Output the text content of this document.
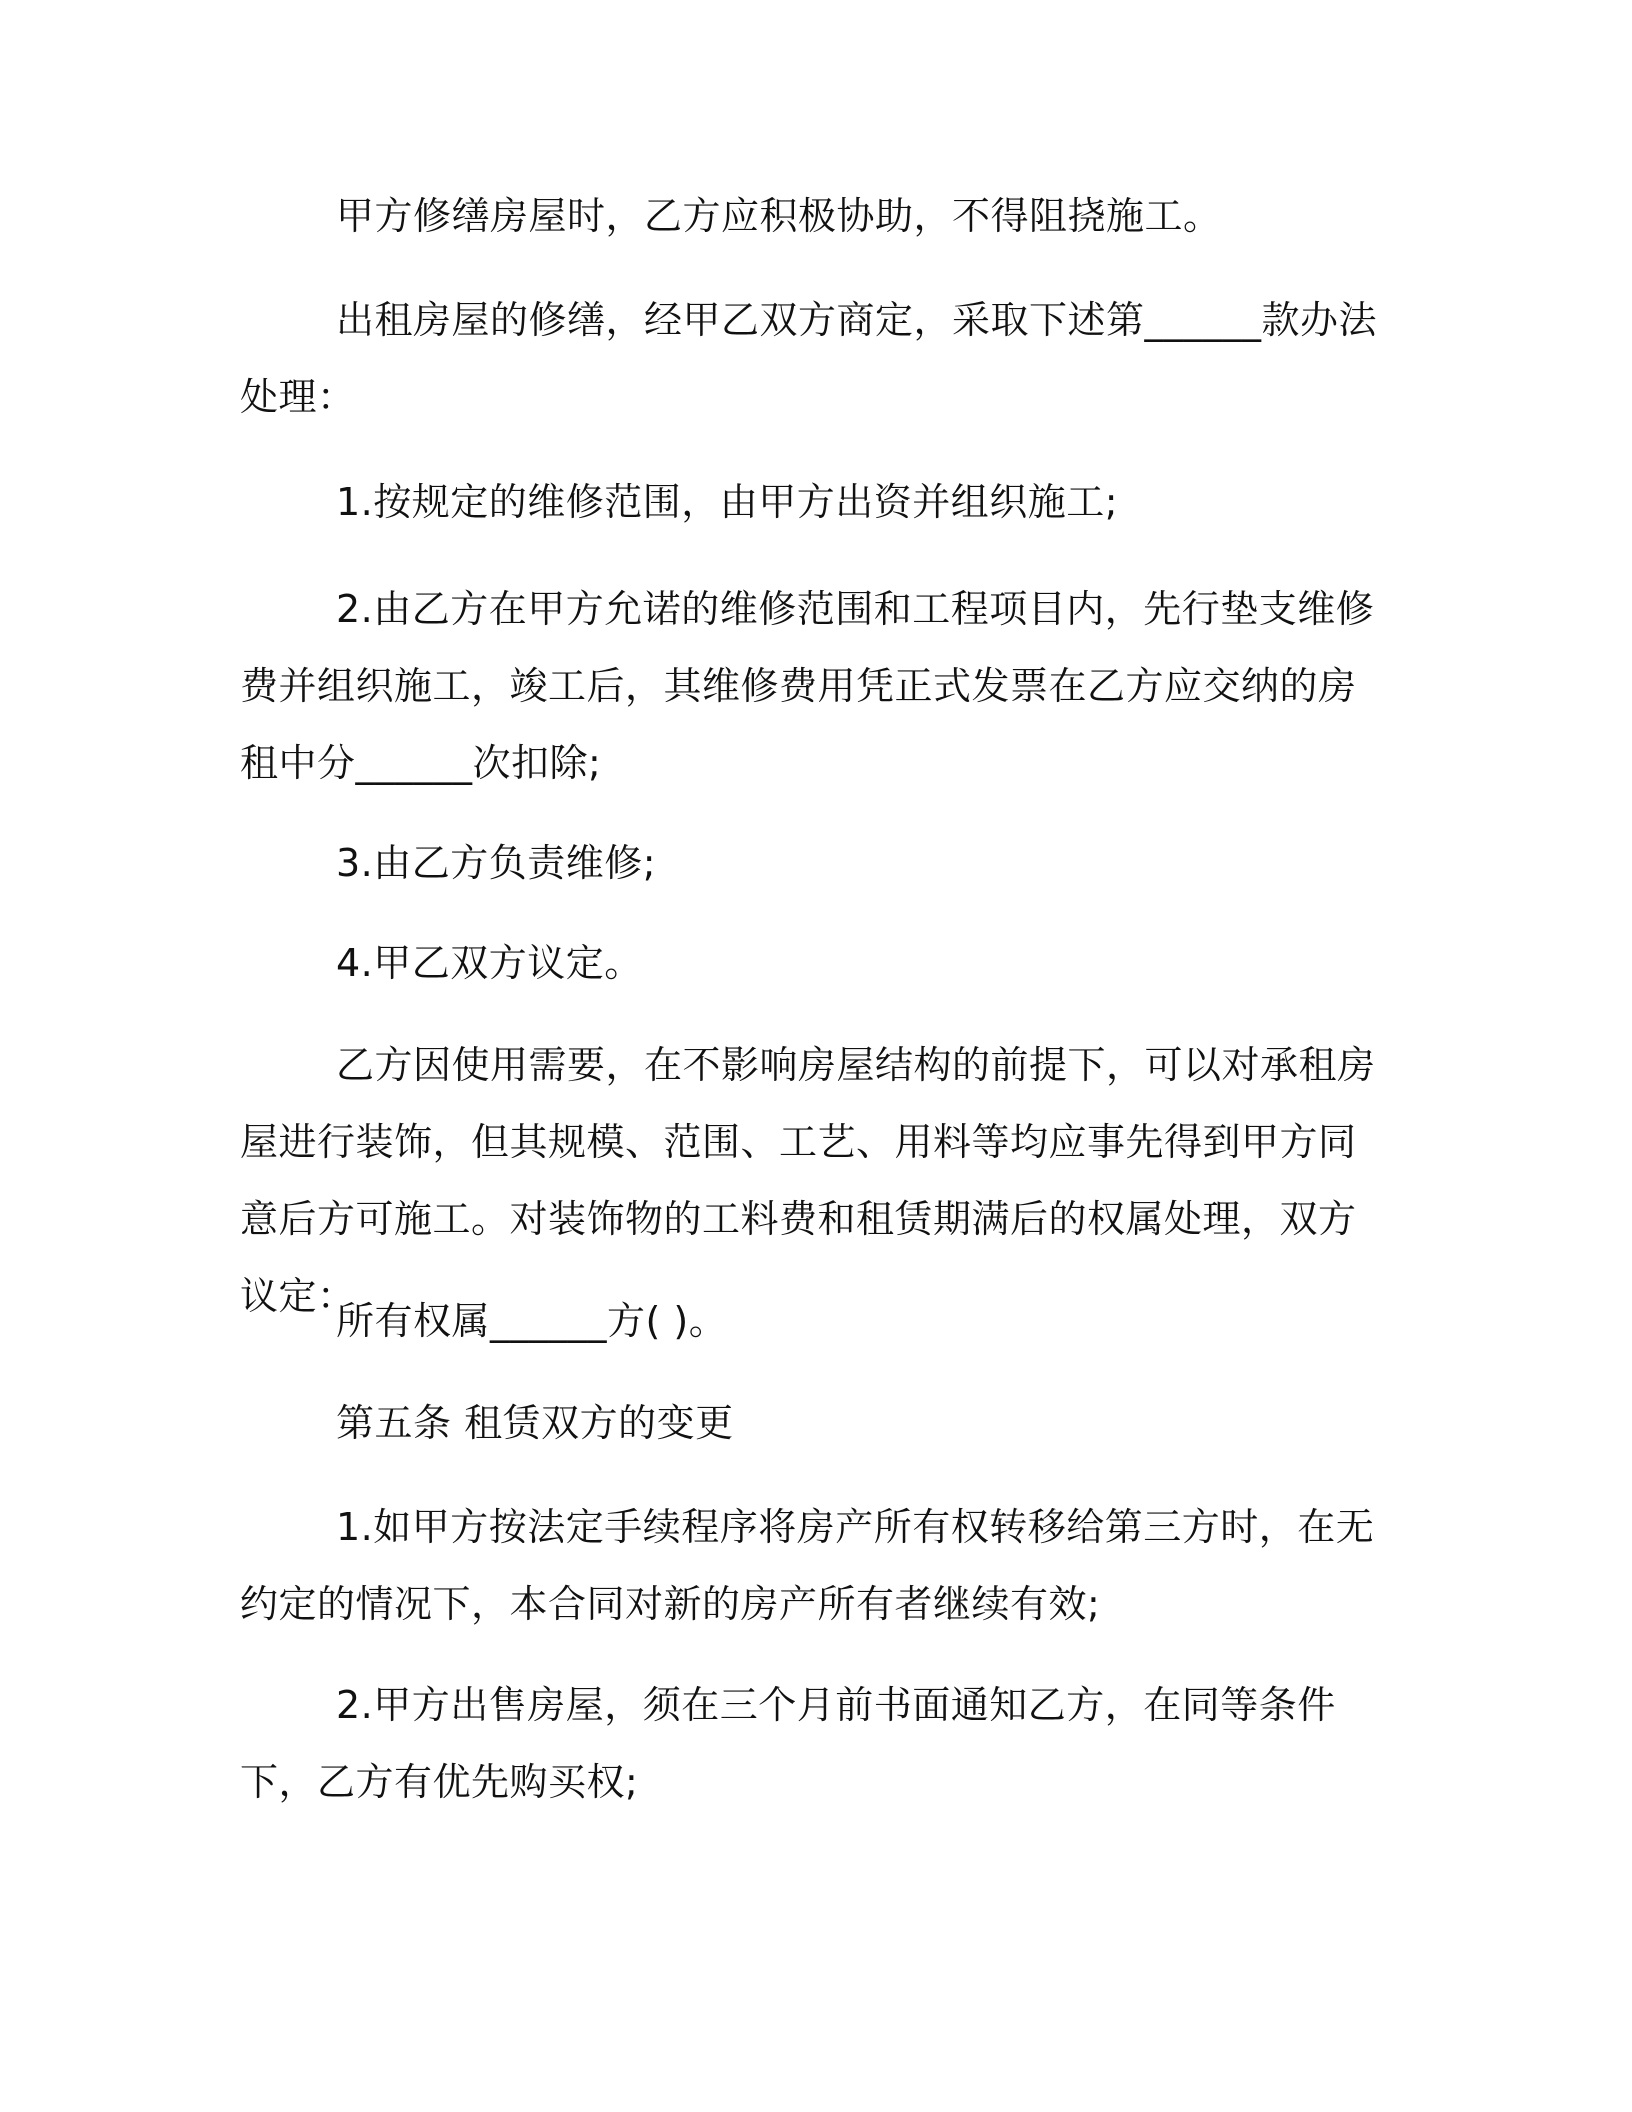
甲方修缮房屋时，乙方应积极协助，不得阻挠施工。

出租房屋的修缮，经甲乙双方商定，采取下述第______款办法处理：

1.按规定的维修范围，由甲方出资并组织施工;

2.由乙方在甲方允诺的维修范围和工程项目内，先行垫支维修费并组织施工，竣工后，其维修费用凭正式发票在乙方应交纳的房租中分______次扣除;

3.由乙方负责维修;

4.甲乙双方议定。

乙方因使用需要，在不影响房屋结构的前提下，可以对承租房屋进行装饰，但其规模、范围、工艺、用料等均应事先得到甲方同意后方可施工。对装饰物的工料费和租赁期满后的权属处理，双方议定：

所有权属______方( )。

第五条 租赁双方的变更

1.如甲方按法定手续程序将房产所有权转移给第三方时，在无约定的情况下，本合同对新的房产所有者继续有效;

2.甲方出售房屋，须在三个月前书面通知乙方，在同等条件下，乙方有优先购买权;
